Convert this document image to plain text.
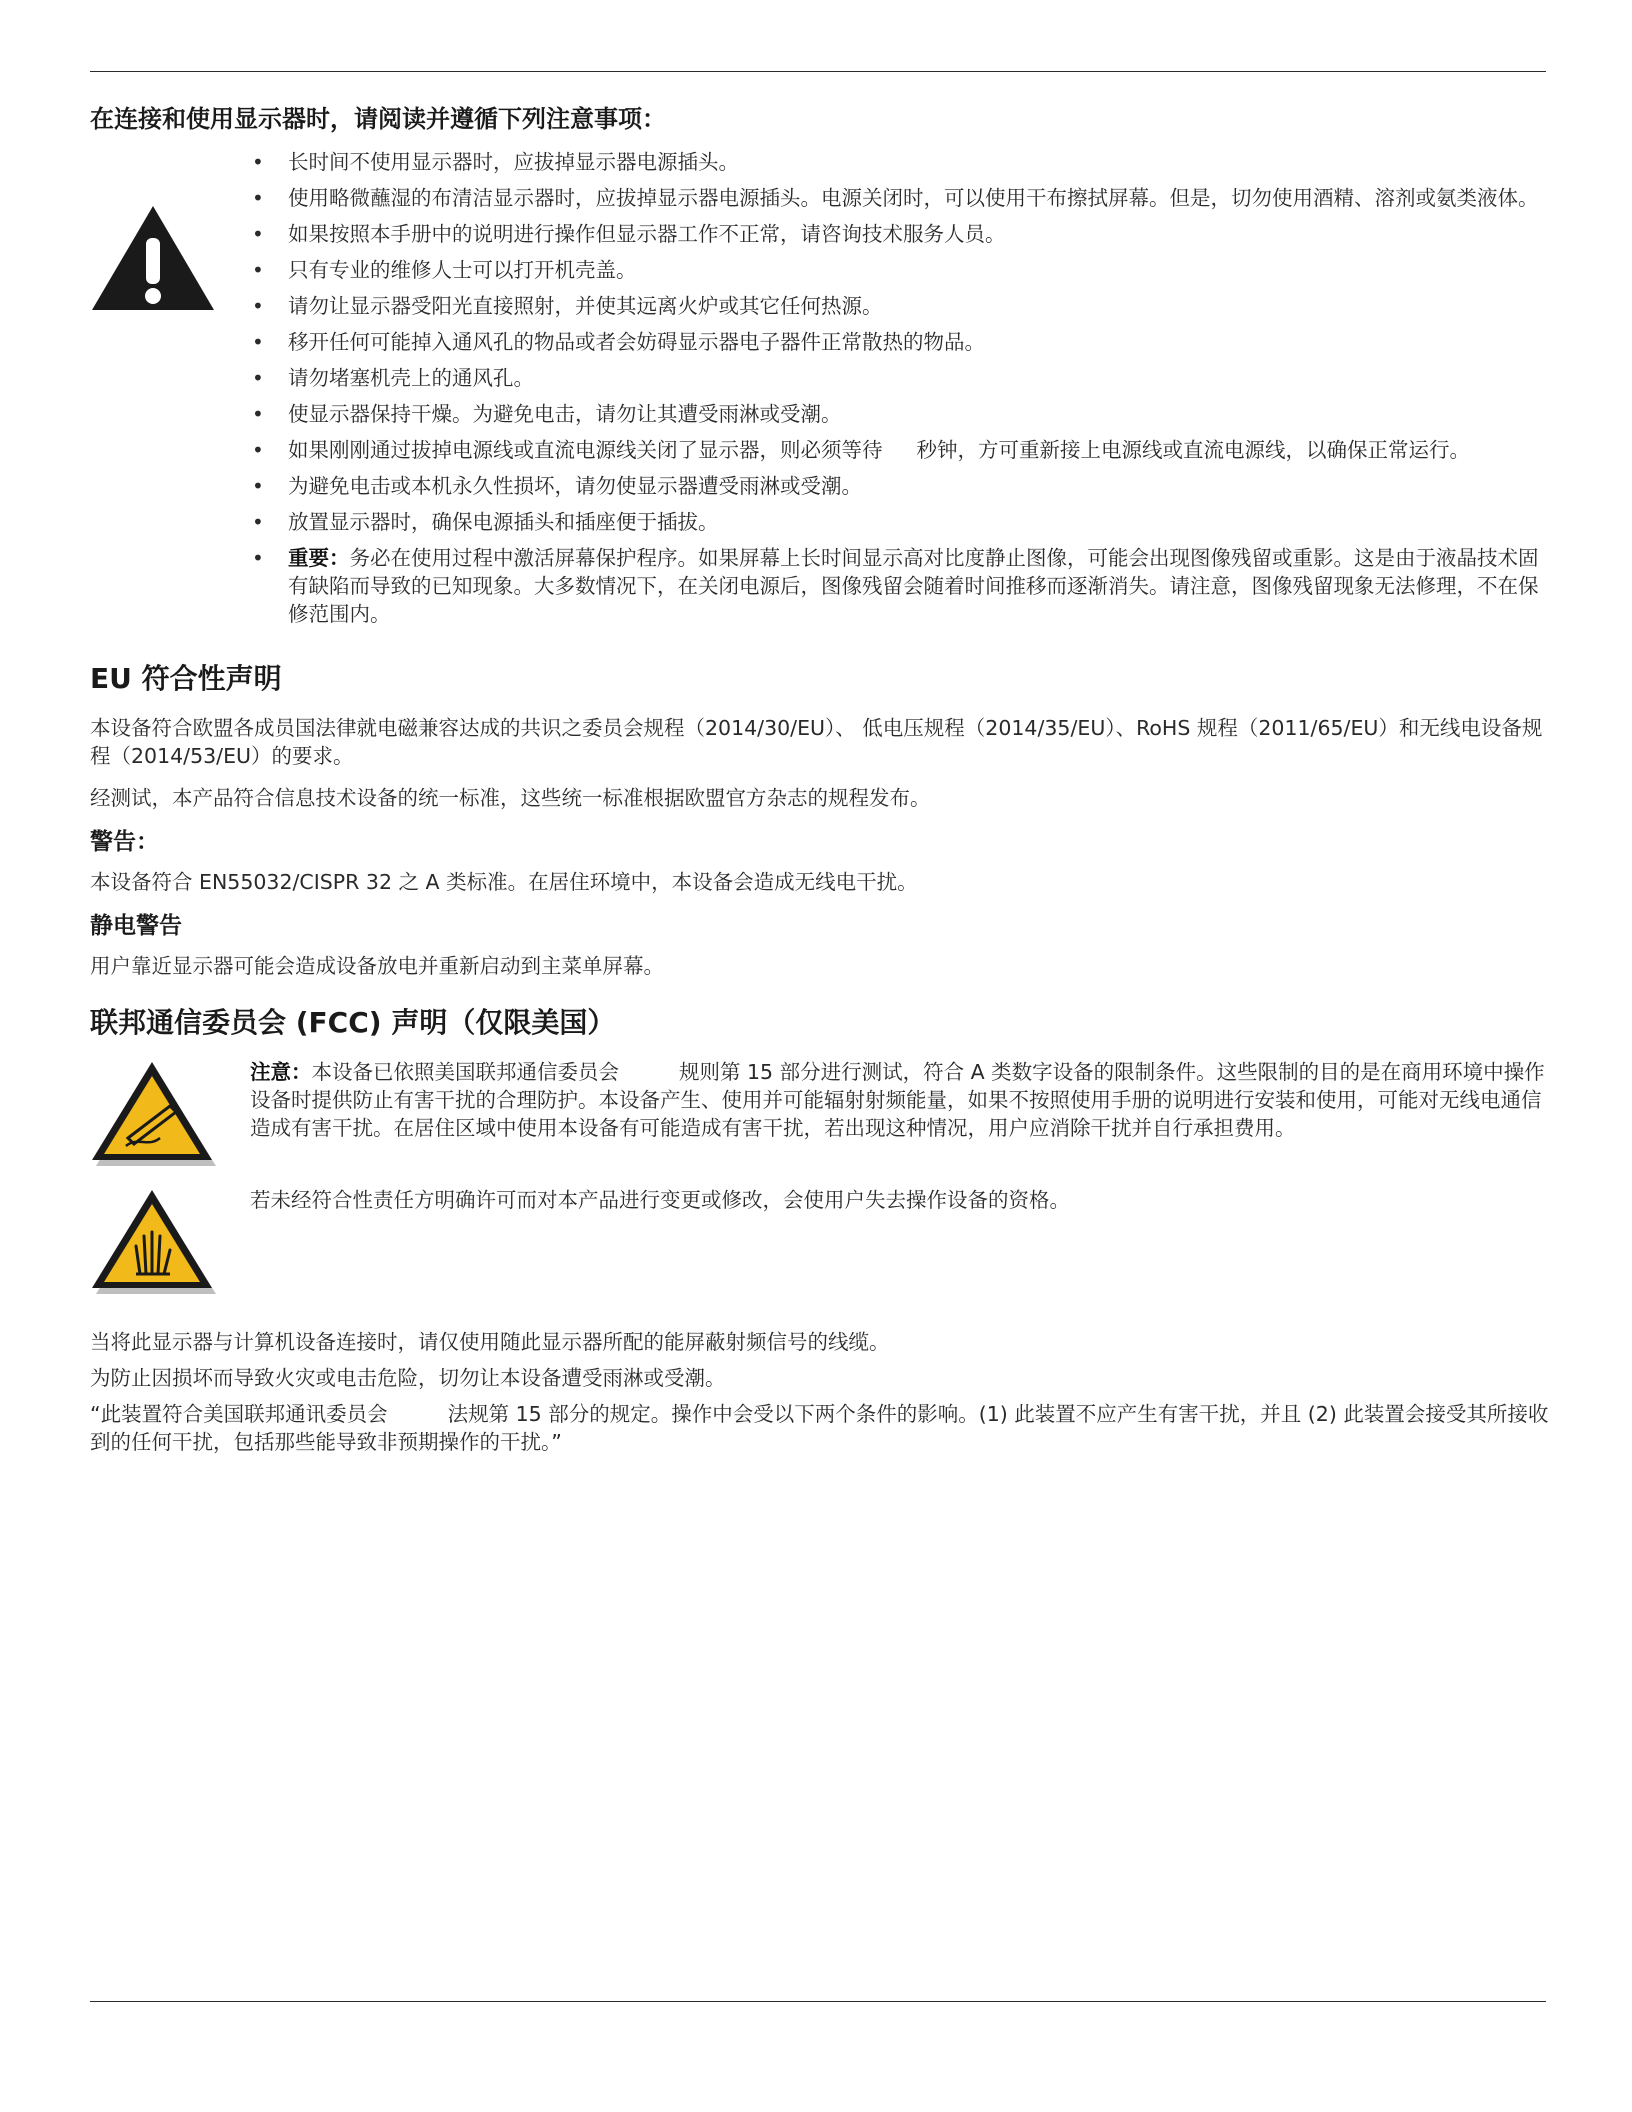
在连接和使用显示器时，请阅读并遵循下列注意事项：
• 长时间不使用显示器时，应拔掉显示器电源插头。
• 使用略微蘸湿的布清洁显示器时，应拔掉显示器电源插头。电源关闭时，可以使用干布擦拭屏幕。但是，切勿使用酒精、溶剂或氨类液体。
• 如果按照本手册中的说明进行操作但显示器工作不正常，请咨询技术服务人员。
• 只有专业的维修人士可以打开机壳盖。
• 请勿让显示器受阳光直接照射，并使其远离火炉或其它任何热源。
• 移开任何可能掉入通风孔的物品或者会妨碍显示器电子器件正常散热的物品。
• 请勿堵塞机壳上的通风孔。
• 使显示器保持干燥。为避免电击，请勿让其遭受雨淋或受潮。
• 如果刚刚通过拔掉电源线或直流电源线关闭了显示器，则必须等待 秒钟，方可重新接上电源线或直流电源线，以确保正常运行。
• 为避免电击或本机永久性损坏，请勿使显示器遭受雨淋或受潮。
• 放置显示器时，确保电源插头和插座便于插拔。
• 重要：务必在使用过程中激活屏幕保护程序。如果屏幕上长时间显示高对比度静止图像，可能会出现图像残留或重影。这是由于液晶技术固有缺陷而导致的已知现象。大多数情况下，在关闭电源后，图像残留会随着时间推移而逐渐消失。请注意，图像残留现象无法修理，不在保修范围内。
EU 符合性声明

本设备符合欧盟各成员国法律就电磁兼容达成的共识之委员会规程（2014/30/EU）、 低电压规程（2014/35/EU）、RoHS 规程（2011/65/EU）和无线电设备规程（2014/53/EU）的要求。

经测试，本产品符合信息技术设备的统一标准，这些统一标准根据欧盟官方杂志的规程发布。

警告：

本设备符合 EN55032/CISPR 32 之 A 类标准。在居住环境中，本设备会造成无线电干扰。

静电警告

用户靠近显示器可能会造成设备放电并重新启动到主菜单屏幕。

联邦通信委员会 (FCC) 声明（仅限美国）
注意：本设备已依照美国联邦通信委员会	规则第 15 部分进行测试，符合 A 类数字设备的限制条件。这些限制的目的是在商用环境中操作设备时提供防止有害干扰的合理防护。本设备产生、使用并可能辐射射频能量，如果不按照使用手册的说明进行安装和使用，可能对无线电通信造成有害干扰。在居住区域中使用本设备有可能造成有害干扰，若出现这种情况，用户应消除干扰并自行承担费用。
若未经符合性责任方明确许可而对本产品进行变更或修改，会使用户失去操作设备的资格。

当将此显示器与计算机设备连接时，请仅使用随此显示器所配的能屏蔽射频信号的线缆。

为防止因损坏而导致火灾或电击危险，切勿让本设备遭受雨淋或受潮。

“此装置符合美国联邦通讯委员会	法规第 15 部分的规定。操作中会受以下两个条件的影响。(1) 此装置不应产生有害干扰，并且 (2) 此装置会接受其所接收到的任何干扰，包括那些能导致非预期操作的干扰。”
